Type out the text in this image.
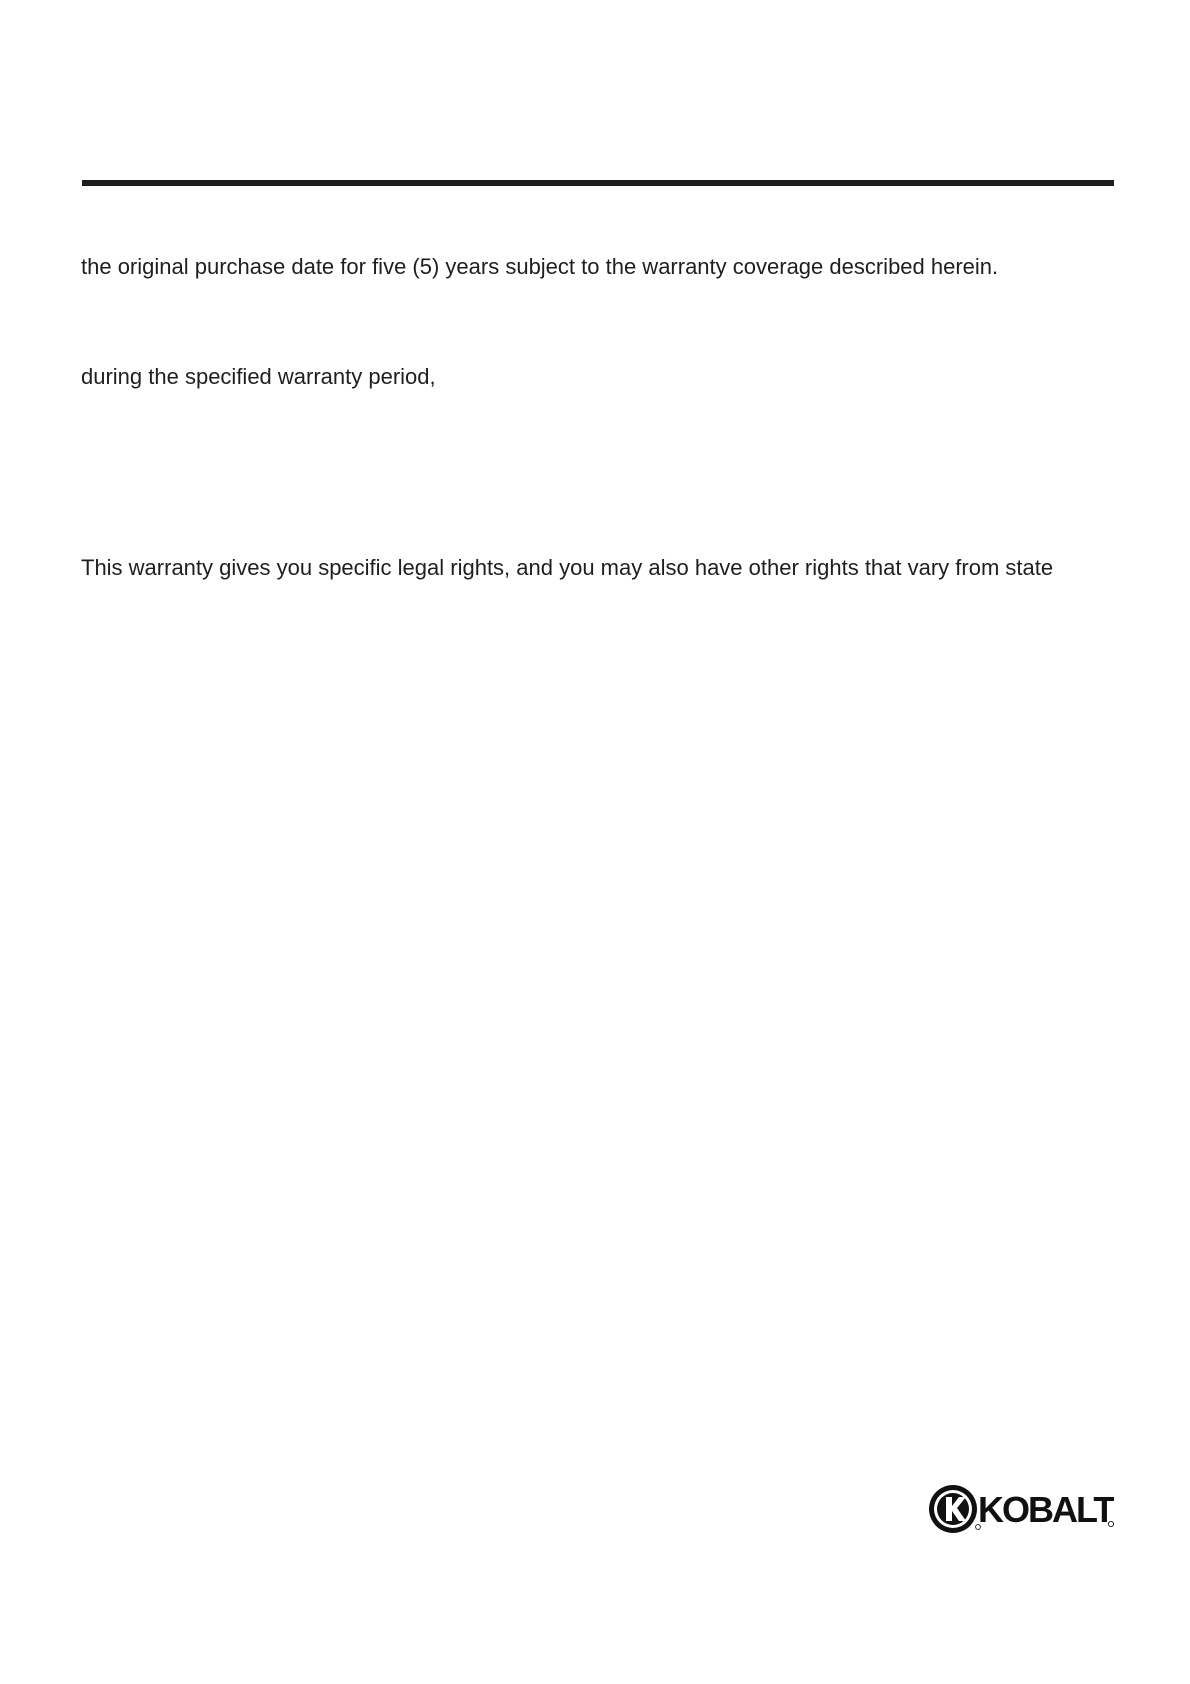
the original purchase date for five (5) years subject to the warranty coverage described herein.

during the specified warranty period,

This warranty gives you specific legal rights, and you may also have other rights that vary from state

KOBALT
